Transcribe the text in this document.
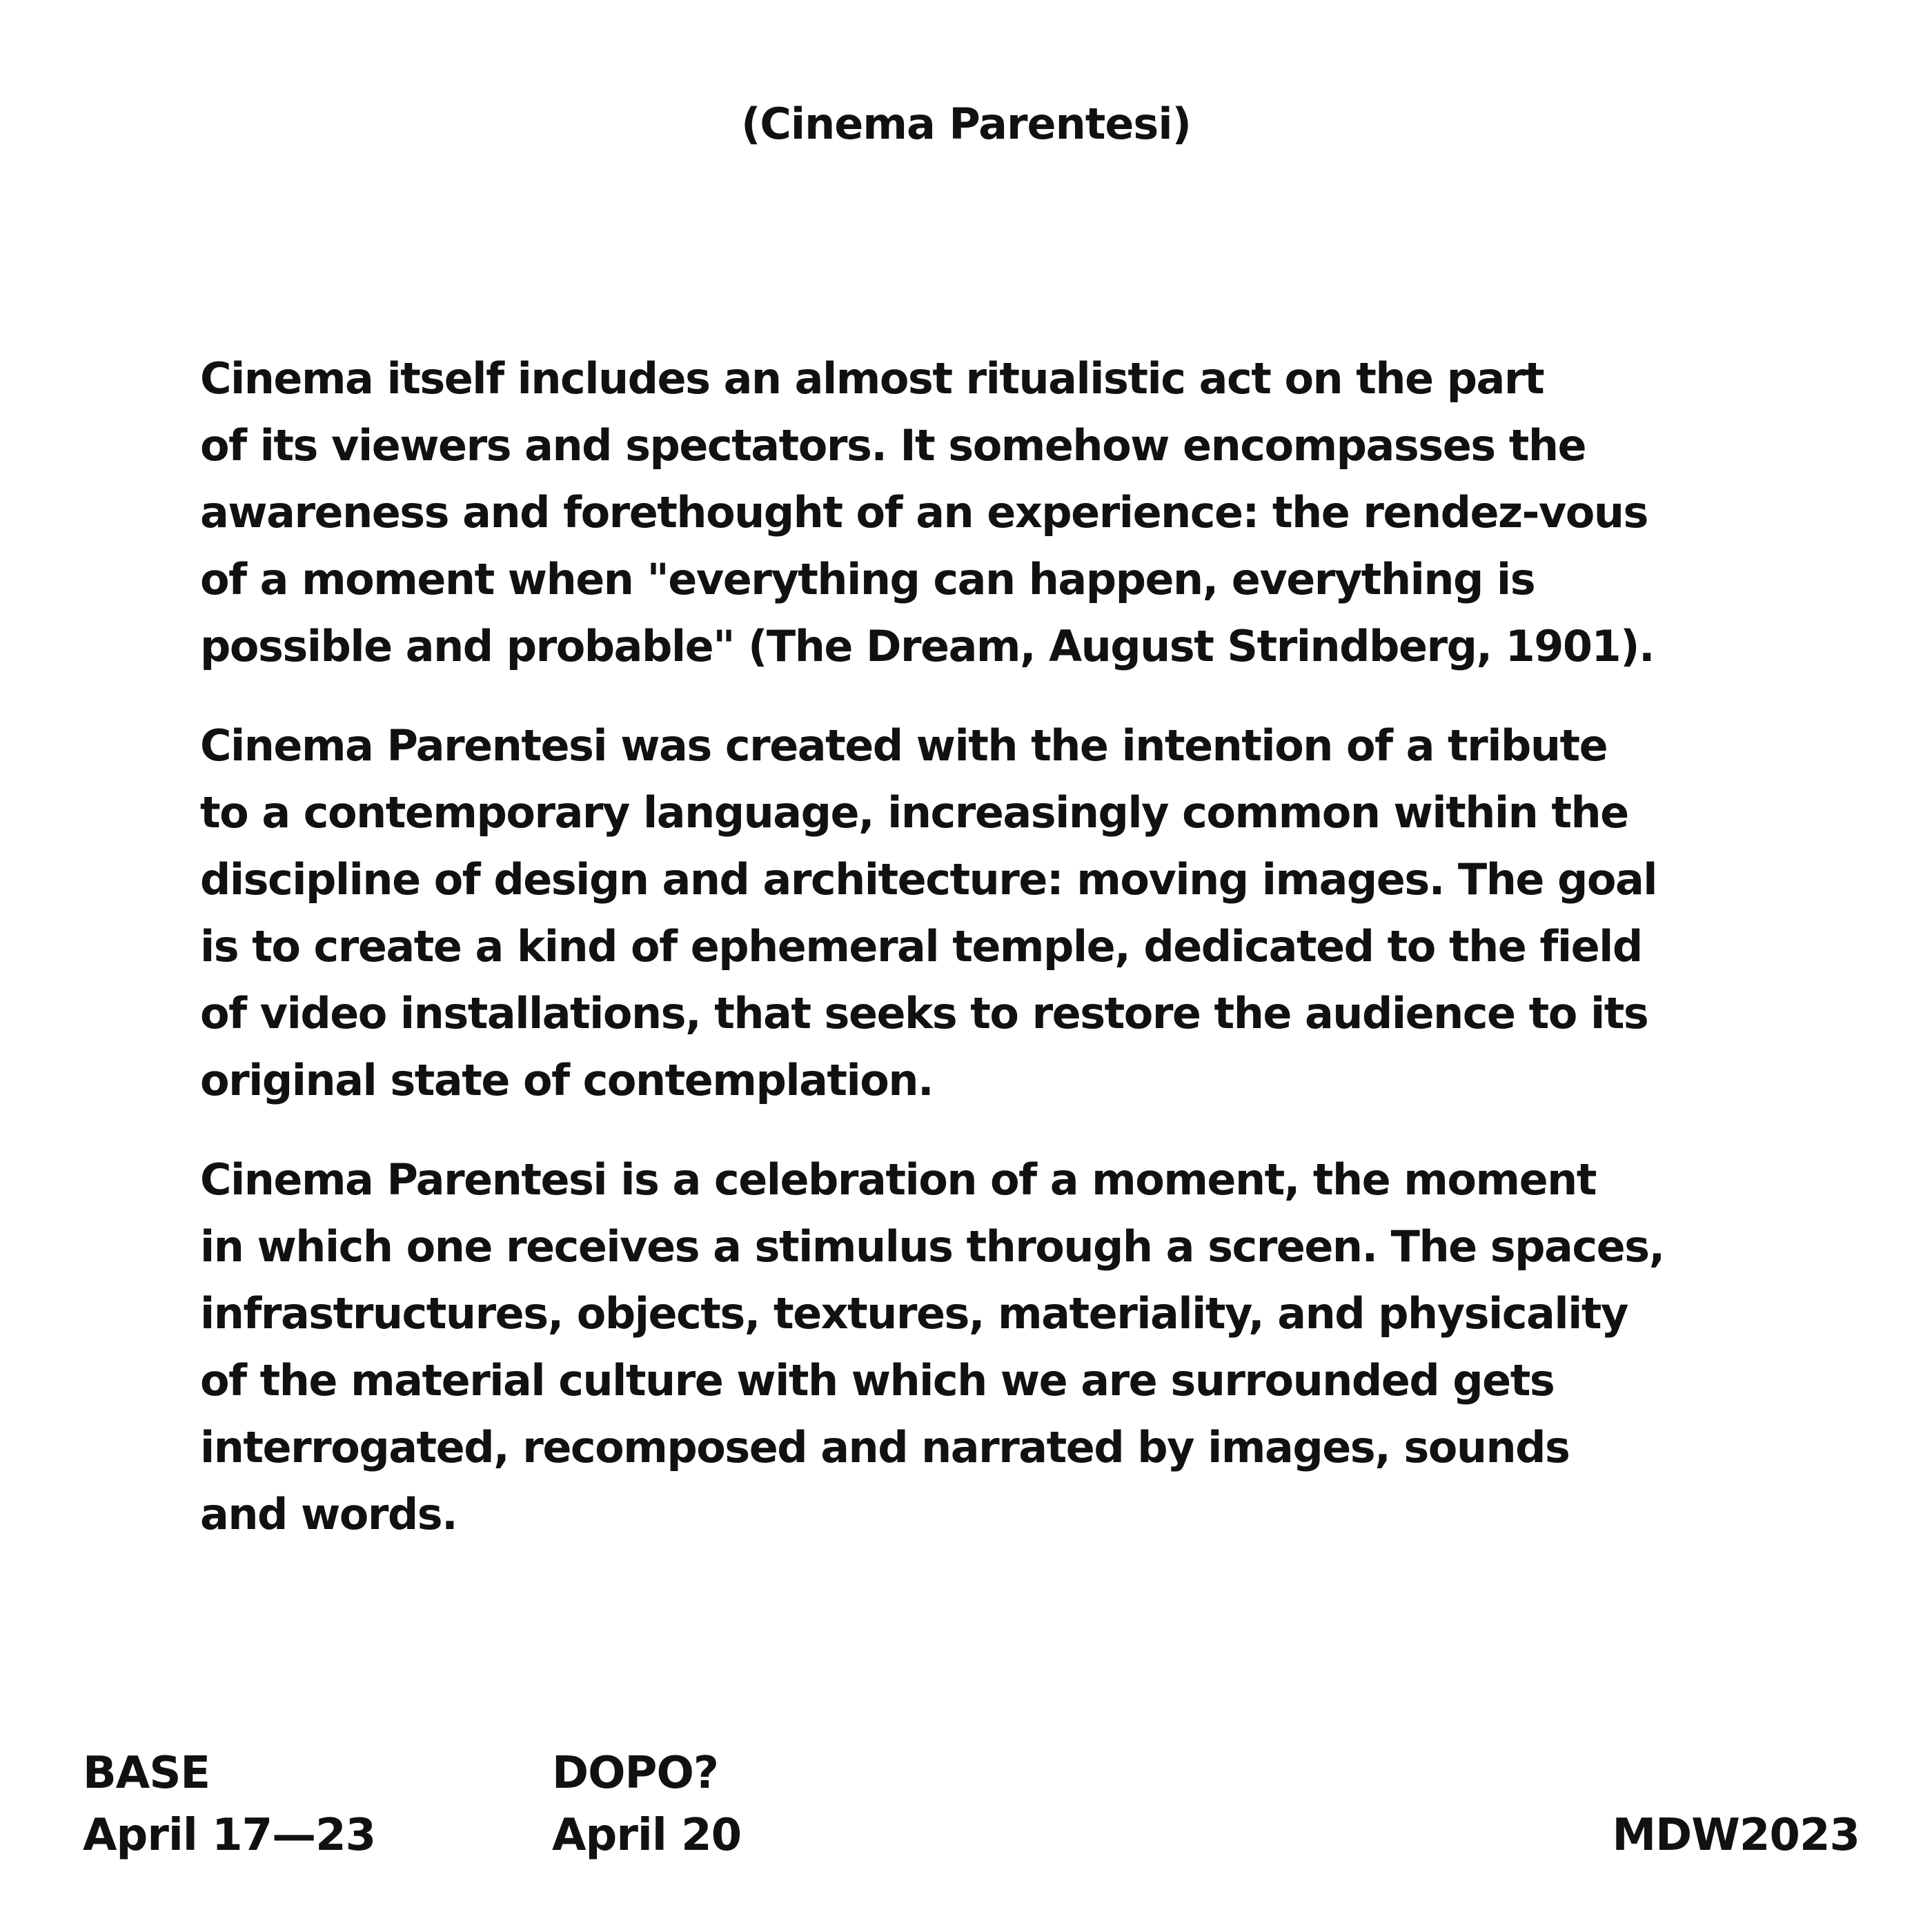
(Cinema Parentesi)

Cinema itself includes an almost ritualistic act on the part
of its viewers and spectators. It somehow encompasses the
awareness and forethought of an experience: the rendez-vous
of a moment when "everything can happen, everything is
possible and probable" (The Dream, August Strindberg, 1901).

Cinema Parentesi was created with the intention of a tribute
to a contemporary language, increasingly common within the
discipline of design and architecture: moving images. The goal
is to create a kind of ephemeral temple, dedicated to the field
of video installations, that seeks to restore the audience to its
original state of contemplation.

Cinema Parentesi is a celebration of a moment, the moment
in which one receives a stimulus through a screen. The spaces,
infrastructures, objects, textures, materiality, and physicality
of the material culture with which we are surrounded gets
interrogated, recomposed and narrated by images, sounds
and words.

BASE
April 17—23
DOPO?
April 20	MDW2023
